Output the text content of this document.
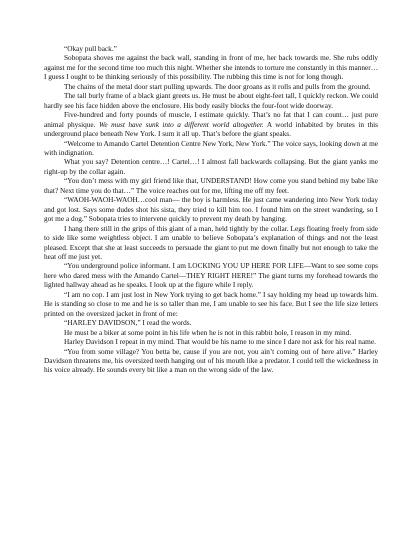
“Okay pull back.”

Sobopata shoves me against the back wall, standing in front of me, her back towards me. She rubs oddly against me for the second time too much this night. Whether she intends to torture me constantly in this manner…I guess I ought to be thinking seriously of this possibility. The rubbing this time is not for long though.

The chains of the metal door start pulling upwards. The door groans as it rolls and pulls from the ground.

The tall burly frame of a black giant greets us. He must be about eight-feet tall, I quickly reckon. We could hardly see his face hidden above the enclosure. His body easily blocks the four-foot wide doorway.

Five-hundred and forty pounds of muscle, I estimate quickly. That’s no fat that I can count… just pure animal physique. We must have sunk into a different world altogether. A world inhabited by brutes in this underground place beneath New York. I sum it all up. That’s before the giant speaks.

“Welcome to Amando Cartel Detention Centre New York, New York.” The voice says, looking down at me with indignation.

What you say? Detention centre…! Cartel…! I almost fall backwards collapsing. But the giant yanks me right-up by the collar again.

“You don’t mess with my girl friend like that, UNDERSTAND! How come you stand behind my babe like that? Next time you do that…” The voice reaches out for me, lifting me off my feet.

“WAOH-WAOH-WAOH…cool man— the boy is harmless. He just came wandering into New York today and got lost. Says some dudes shot his sista, they tried to kill him too. I found him on the street wandering, so I got me a dog.” Sobopata tries to intervene quickly to prevent my death by hanging.

I hang there still in the grips of this giant of a man, held tightly by the collar. Legs floating freely from side to side like some weightless object. I am unable to believe Sobopata’s explanation of things and not the least pleased. Except that she at least succeeds to persuade the giant to put me down finally but not enough to take the heat off me just yet.

“You underground police informant. I am LOCKING YOU UP HERE FOR LIFE—Want to see some cops here who dared mess with the Amando Cartel—THEY RIGHT HERE!” The giant turns my forehead towards the lighted hallway ahead as he speaks. I look up at the figure while I reply.

“I am no cop. I am just lost in New York trying to get back home.” I say holding my head up towards him. He is standing so close to me and he is so taller than me, I am unable to see his face. But I see the life size letters printed on the oversized jacket in front of me:

“HARLEY DAVIDSON,” I read the words.

He must be a biker at some point in his life when he is not in this rabbit hole, I reason in my mind.

Harley Davidson I repeat in my mind. That would be his name to me since I dare not ask for his real name.

“You from some village? You betta be, cause if you are not, you ain’t coming out of here alive.” Harley Davidson threatens me, his oversized teeth hanging out of his mouth like a predator. I could tell the wickedness in his voice already. He sounds every bit like a man on the wrong side of the law.
